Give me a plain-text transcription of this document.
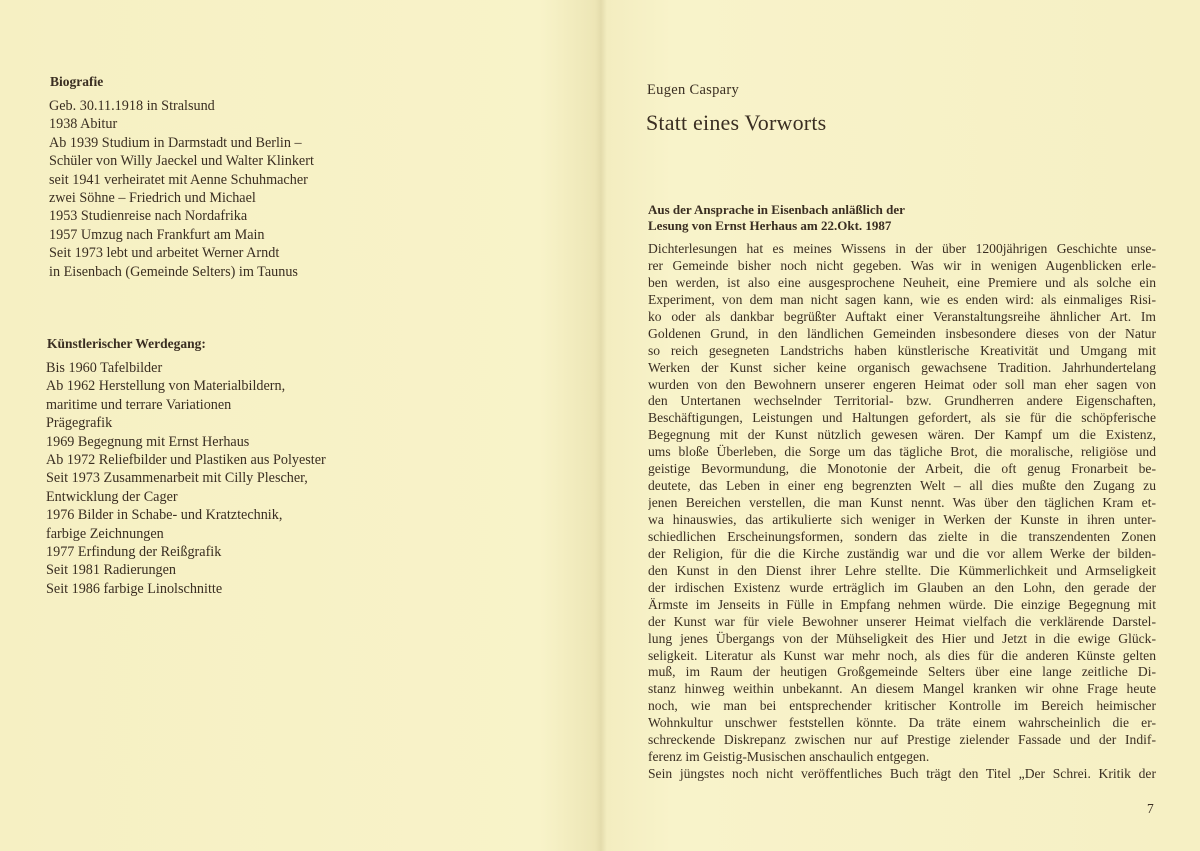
Biografie
Geb. 30.11.1918 in Stralsund
1938 Abitur
Ab 1939 Studium in Darmstadt und Berlin –
Schüler von Willy Jaeckel und Walter Klinkert
seit 1941 verheiratet mit Aenne Schuhmacher
zwei Söhne – Friedrich und Michael
1953 Studienreise nach Nordafrika
1957 Umzug nach Frankfurt am Main
Seit 1973 lebt und arbeitet Werner Arndt
in Eisenbach (Gemeinde Selters) im Taunus
Künstlerischer Werdegang:
Bis 1960 Tafelbilder
Ab 1962 Herstellung von Materialbildern,
maritime und terrare Variationen
Prägegrafik
1969 Begegnung mit Ernst Herhaus
Ab 1972 Reliefbilder und Plastiken aus Polyester
Seit 1973 Zusammenarbeit mit Cilly Plescher,
Entwicklung der Cager
1976 Bilder in Schabe- und Kratztechnik,
farbige Zeichnungen
1977 Erfindung der Reißgrafik
Seit 1981 Radierungen
Seit 1986 farbige Linolschnitte

Eugen Caspary

Statt eines Vorworts
Aus der Ansprache in Eisenbach anläßlich der
Lesung von Ernst Herhaus am 22.Okt. 1987
Dichterlesungen hat es meines Wissens in der über 1200jährigen Geschichte unse-
rer Gemeinde bisher noch nicht gegeben. Was wir in wenigen Augenblicken erle-
ben werden, ist also eine ausgesprochene Neuheit, eine Premiere und als solche ein
Experiment, von dem man nicht sagen kann, wie es enden wird: als einmaliges Risi-
ko oder als dankbar begrüßter Auftakt einer Veranstaltungsreihe ähnlicher Art. Im
Goldenen Grund, in den ländlichen Gemeinden insbesondere dieses von der Natur
so reich gesegneten Landstrichs haben künstlerische Kreativität und Umgang mit
Werken der Kunst sicher keine organisch gewachsene Tradition. Jahrhundertelang
wurden von den Bewohnern unserer engeren Heimat oder soll man eher sagen von
den Untertanen wechselnder Territorial- bzw. Grundherren andere Eigenschaften,
Beschäftigungen, Leistungen und Haltungen gefordert, als sie für die schöpferische
Begegnung mit der Kunst nützlich gewesen wären. Der Kampf um die Existenz,
ums bloße Überleben, die Sorge um das tägliche Brot, die moralische, religiöse und
geistige Bevormundung, die Monotonie der Arbeit, die oft genug Fronarbeit be-
deutete, das Leben in einer eng begrenzten Welt – all dies mußte den Zugang zu
jenen Bereichen verstellen, die man Kunst nennt. Was über den täglichen Kram et-
wa hinauswies, das artikulierte sich weniger in Werken der Kunste in ihren unter-
schiedlichen Erscheinungsformen, sondern das zielte in die transzendenten Zonen
der Religion, für die die Kirche zuständig war und die vor allem Werke der bilden-
den Kunst in den Dienst ihrer Lehre stellte. Die Kümmerlichkeit und Armseligkeit
der irdischen Existenz wurde erträglich im Glauben an den Lohn, den gerade der
Ärmste im Jenseits in Fülle in Empfang nehmen würde. Die einzige Begegnung mit
der Kunst war für viele Bewohner unserer Heimat vielfach die verklärende Darstel-
lung jenes Übergangs von der Mühseligkeit des Hier und Jetzt in die ewige Glück-
seligkeit. Literatur als Kunst war mehr noch, als dies für die anderen Künste gelten
muß, im Raum der heutigen Großgemeinde Selters über eine lange zeitliche Di-
stanz hinweg weithin unbekannt. An diesem Mangel kranken wir ohne Frage heute
noch, wie man bei entsprechender kritischer Kontrolle im Bereich heimischer
Wohnkultur unschwer feststellen könnte. Da träte einem wahrscheinlich die er-
schreckende Diskrepanz zwischen nur auf Prestige zielender Fassade und der Indif-
ferenz im Geistig-Musischen anschaulich entgegen.
Sein jüngstes noch nicht veröffentliches Buch trägt den Titel „Der Schrei. Kritik der

7
